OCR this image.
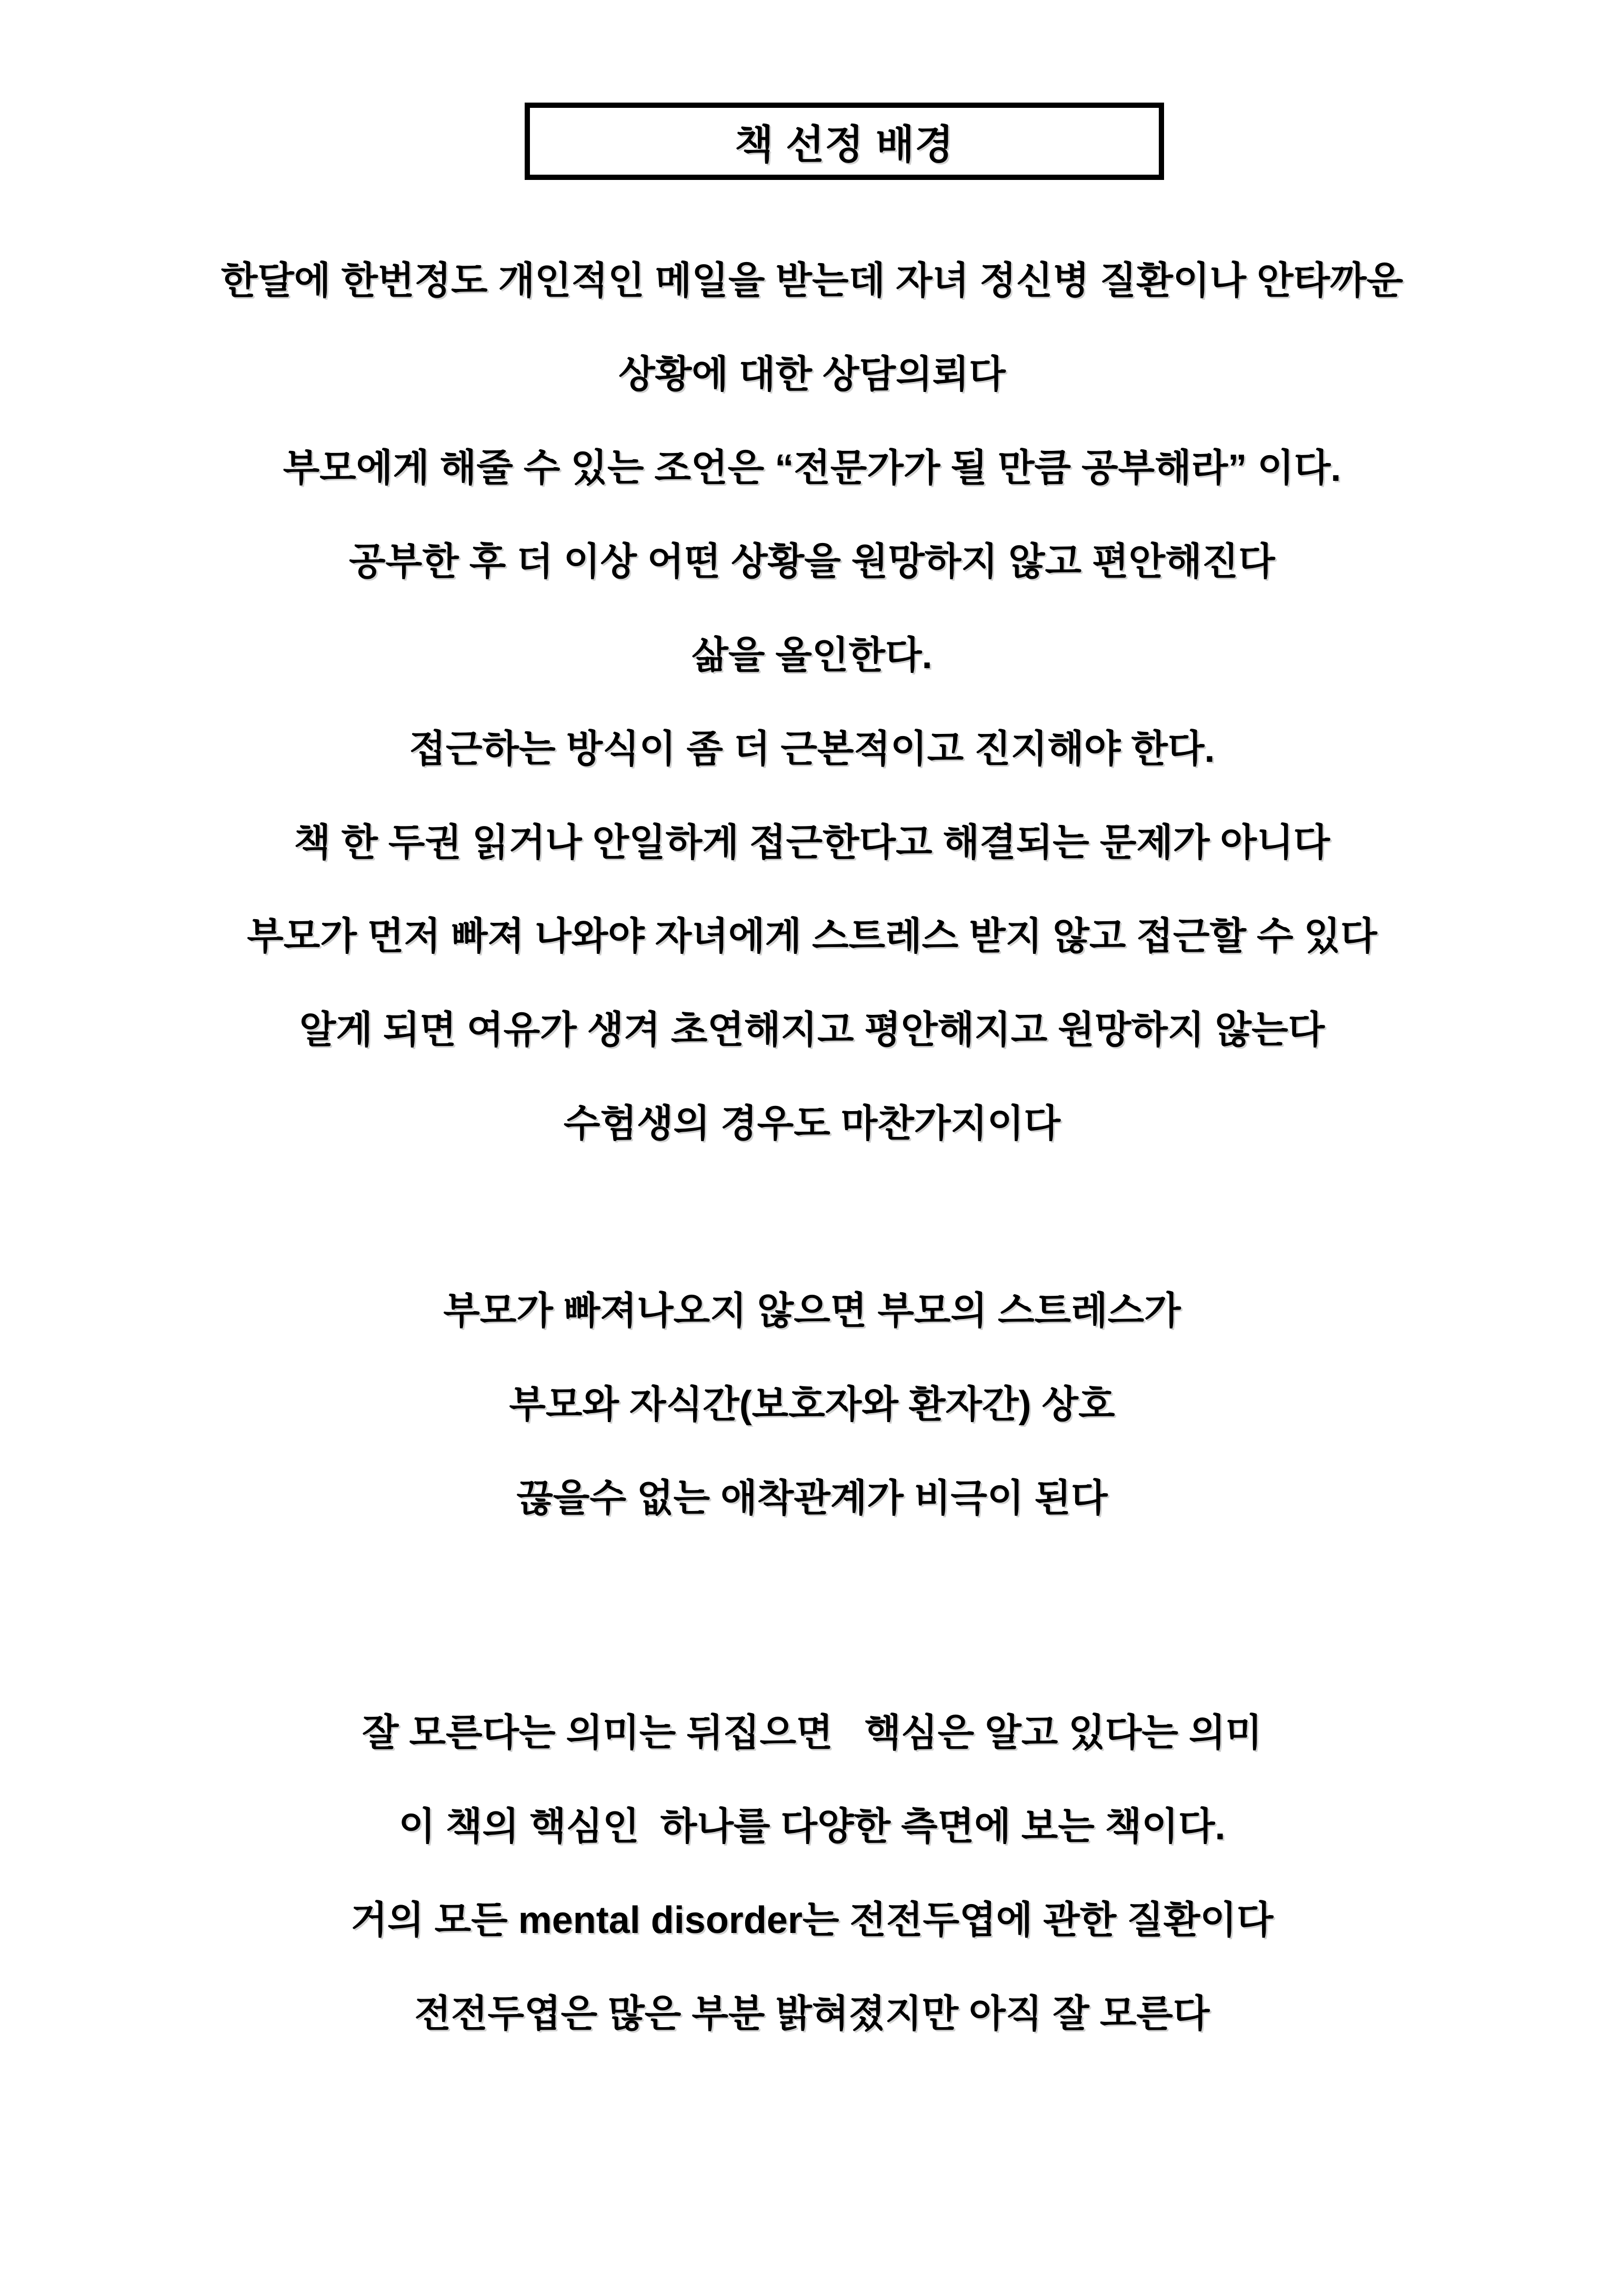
책 선정 배경
한달에 한번정도 개인적인 메일을 받는데 자녀 정신병 질환이나 안타까운
상황에 대한 상담의뢰다
부모에게 해줄 수 있는 조언은 “전문가가 될 만큼 공부해라” 이다.
공부한 후 더 이상 어떤 상황을 원망하지 않고 편안해진다
삶을 올인한다.
접근하는 방식이 좀 더 근본적이고 진지해야 한다.
책 한 두권 읽거나 안일하게 접근한다고 해결되는 문제가 아니다
부모가 먼저 빠져 나와야 자녀에게 스트레스 받지 않고 접근할 수 있다
알게 되면 여유가 생겨 초연해지고 평안해지고 원망하지 않는다
수험생의 경우도 마찬가지이다
부모가 빠져나오지 않으면 부모의 스트레스가
부모와 자식간(보호자와 환자간) 상호
끊을수 없는 애착관계가 비극이 된다
잘 모른다는 의미는 뒤집으면   핵심은 알고 있다는 의미
이 책의 핵심인  하나를 다양한 측면에 보는 책이다.
거의 모든 mental disorder는 전전두엽에 관한 질환이다
전전두엽은 많은 부분 밝혀졌지만 아직 잘 모른다
